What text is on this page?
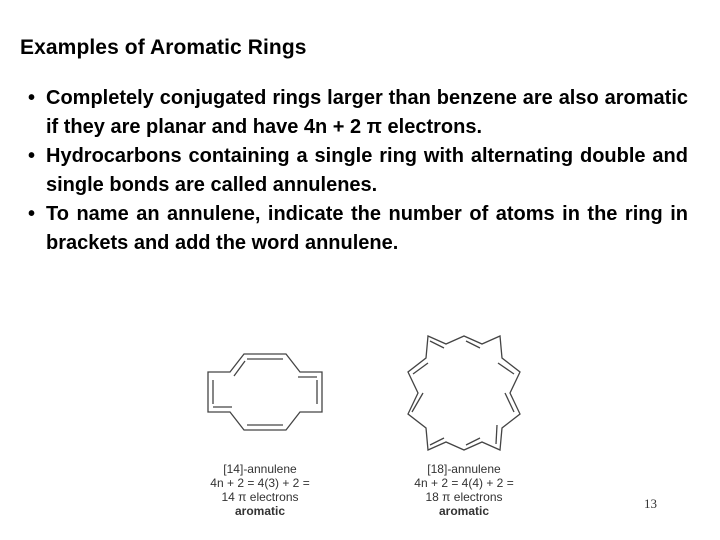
Examples of Aromatic Rings
• Completely conjugated rings larger than benzene are also aromatic if they are planar and have 4n + 2 π electrons.
• Hydrocarbons containing a single ring with alternating double and single bonds are called annulenes.
• To name an annulene, indicate the number of atoms in the ring in brackets and add the word annulene.
[14]-annulene
4n + 2 = 4(3) + 2 =
14 π electrons
aromatic
[18]-annulene
4n + 2 = 4(4) + 2 =
18 π electrons
aromatic	13
